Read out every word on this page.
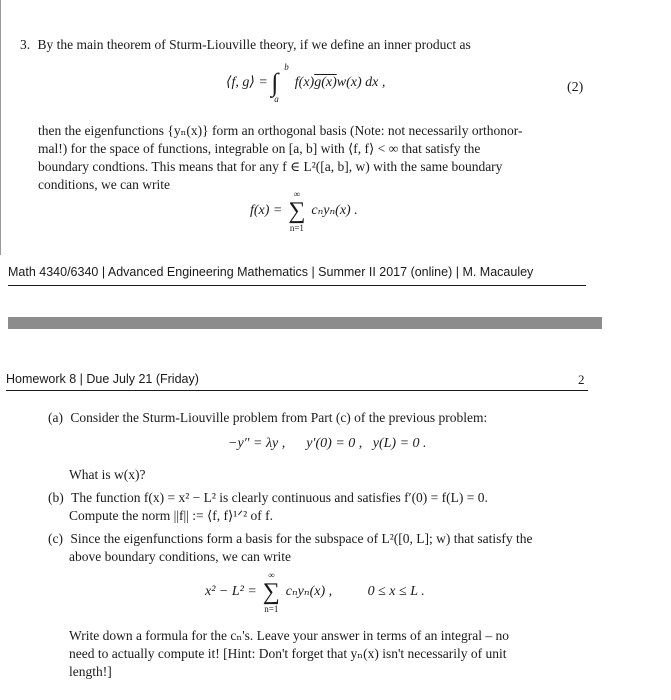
3. By the main theorem of Sturm-Liouville theory, if we define an inner product as
⟨f, g⟩ = ∫
b
a
f(x)g(x)w(x) dx ,	(2)
then the eigenfunctions {yₙ(x)} form an orthogonal basis (Note: not necessarily orthonor-
mal!) for the space of functions, integrable on [a, b] with ⟨f, f⟩ < ∞ that satisfy the
boundary condtions. This means that for any f ∈ L²([a, b], w) with the same boundary
conditions, we can write
f(x) = ∑
∞
n=1
cₙyₙ(x) .
Math 4340/6340 | Advanced Engineering Mathematics | Summer II 2017 (online) | M. Macauley
Homework 8 | Due July 21 (Friday)	2
(a) Consider the Sturm-Liouville problem from Part (c) of the previous problem:
−y″ = λy ,      y′(0) = 0 ,   y(L) = 0 .
What is w(x)?
(b) The function f(x) = x² − L² is clearly continuous and satisfies f′(0) = f(L) = 0.
Compute the norm ||f|| := ⟨f, f⟩¹ᐟ² of f.
(c) Since the eigenfunctions form a basis for the subspace of L²([0, L]; w) that satisfy the
above boundary conditions, we can write
x² − L² = ∑
∞
n=1
cₙyₙ(x) ,	0 ≤ x ≤ L .
Write down a formula for the cₙ's. Leave your answer in terms of an integral – no
need to actually compute it! [Hint: Don't forget that yₙ(x) isn't necessarily of unit
length!]
